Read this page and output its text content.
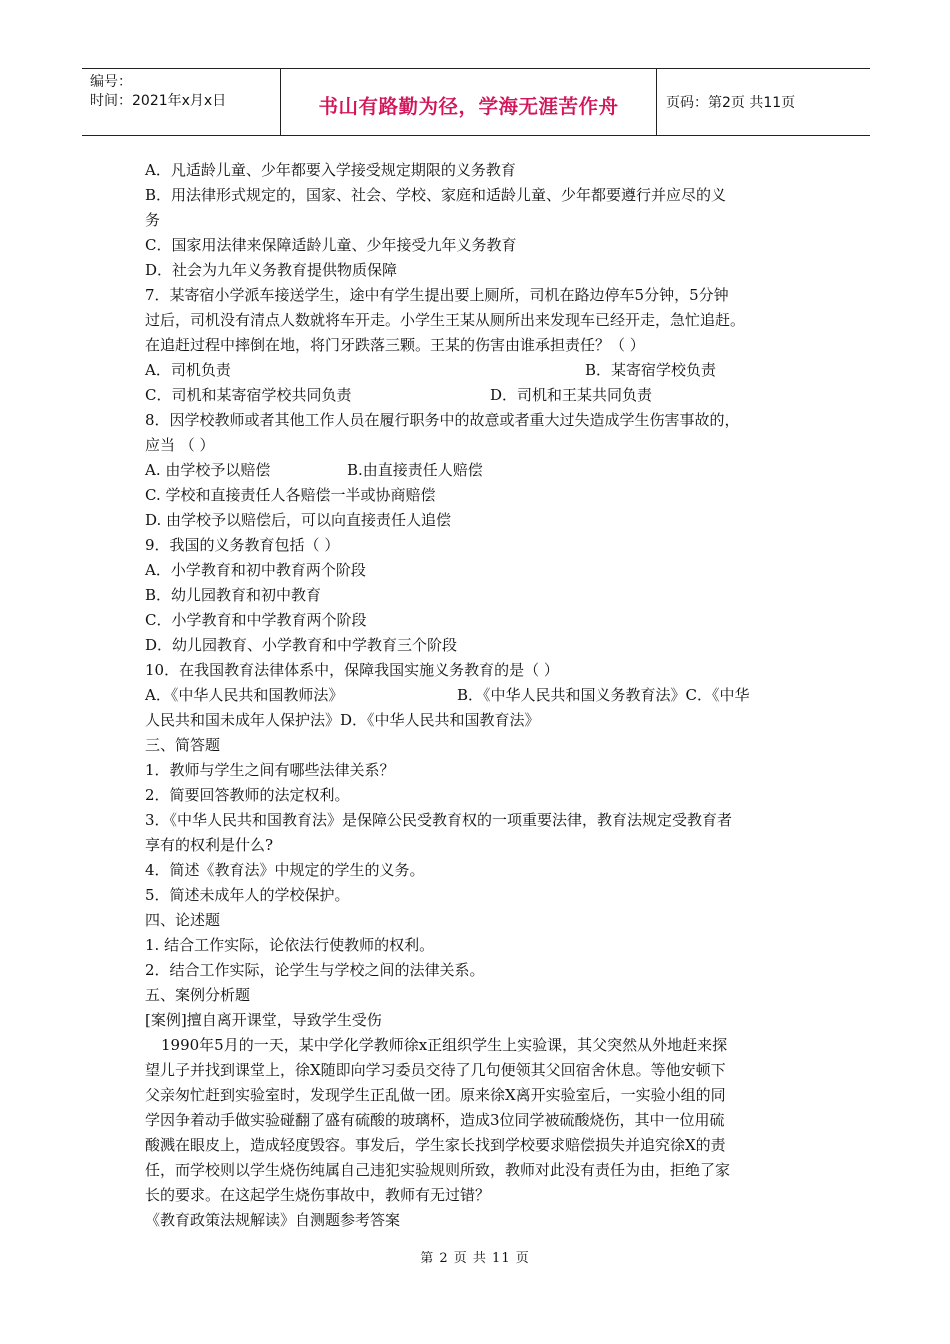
编号：
时间：2021年x月x日	书山有路勤为径，学海无涯苦作舟	页码：第2页 共11页

A．凡适龄儿童、少年都要入学接受规定期限的义务教育

B．用法律形式规定的，国家、社会、学校、家庭和适龄儿童、少年都要遵行并应尽的义

务

C．国家用法律来保障适龄儿童、少年接受九年义务教育

D．社会为九年义务教育提供物质保障

7．某寄宿小学派车接送学生，途中有学生提出要上厕所，司机在路边停车5分钟，5分钟

过后，司机没有清点人数就将车开走。小学生王某从厕所出来发现车已经开走，急忙追赶。

在追赶过程中摔倒在地，将门牙跌落三颗。王某的伤害由谁承担责任？（ ）

A．司机负责	B．某寄宿学校负责

C．司机和某寄宿学校共同负责	D．司机和王某共同负责

8．因学校教师或者其他工作人员在履行职务中的故意或者重大过失造成学生伤害事故的，

应当 （ ）

A. 由学校予以赔偿	B.由直接责任人赔偿

C. 学校和直接责任人各赔偿一半或协商赔偿

D. 由学校予以赔偿后，可以向直接责任人追偿

9．我国的义务教育包括（ ）

A．小学教育和初中教育两个阶段

B．幼儿园教育和初中教育

C．小学教育和中学教育两个阶段

D．幼儿园教育、小学教育和中学教育三个阶段

10．在我国教育法律体系中，保障我国实施义务教育的是（ ）

A．《中华人民共和国教师法》	B．《中华人民共和国义务教育法》C．《中华

人民共和国未成年人保护法》D．《中华人民共和国教育法》

三、简答题

1．教师与学生之间有哪些法律关系？

2．简要回答教师的法定权利。

3．《中华人民共和国教育法》是保障公民受教育权的一项重要法律，教育法规定受教育者

享有的权利是什么?

4．简述《教育法》中规定的学生的义务。

5．简述未成年人的学校保护。

四、论述题

1. 结合工作实际，论依法行使教师的权利。

2．结合工作实际，论学生与学校之间的法律关系。

五、案例分析题

[案例]擅自离开课堂，导致学生受伤

1990年5月的一天，某中学化学教师徐x正组织学生上实验课，其父突然从外地赶来探

望儿子并找到课堂上，徐X随即向学习委员交待了几句便领其父回宿舍休息。等他安顿下

父亲匆忙赶到实验室时，发现学生正乱做一团。原来徐X离开实验室后，一实验小组的同

学因争着动手做实验碰翻了盛有硫酸的玻璃杯，造成3位同学被硫酸烧伤，其中一位用硫

酸溅在眼皮上，造成轻度毁容。事发后，学生家长找到学校要求赔偿损失并追究徐X的责

任，而学校则以学生烧伤纯属自己违犯实验规则所致，教师对此没有责任为由，拒绝了家

长的要求。在这起学生烧伤事故中，教师有无过错？

《教育政策法规解读》自测题参考答案

第 2 页 共 11 页
